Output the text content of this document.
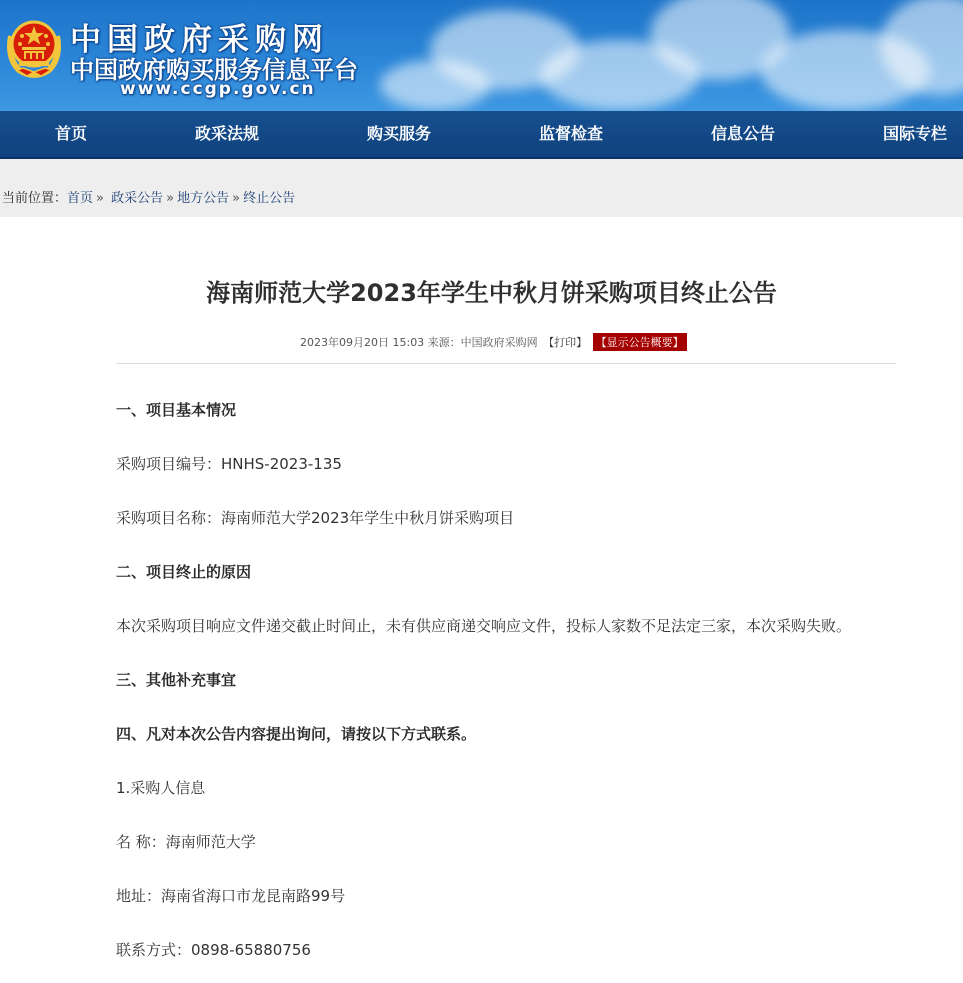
中国政府采购网
中国政府购买服务信息平台
www.ccgp.gov.cn
首页	政采法规	购买服务	监督检查	信息公告	国际专栏
当前位置：首页 » 政采公告 » 地方公告 » 终止公告
海南师范大学2023年学生中秋月饼采购项目终止公告
2023年09月20日 15:03 来源：中国政府采购网 【打印】 【显示公告概要】
一、项目基本情况
采购项目编号：HNHS-2023-135
采购项目名称：海南师范大学2023年学生中秋月饼采购项目
二、项目终止的原因
本次采购项目响应文件递交截止时间止，未有供应商递交响应文件，投标人家数不足法定三家，本次采购失败。
三、其他补充事宜
四、凡对本次公告内容提出询问，请按以下方式联系。
1.采购人信息
名 称：海南师范大学
地址：海南省海口市龙昆南路99号
联系方式：0898-65880756
